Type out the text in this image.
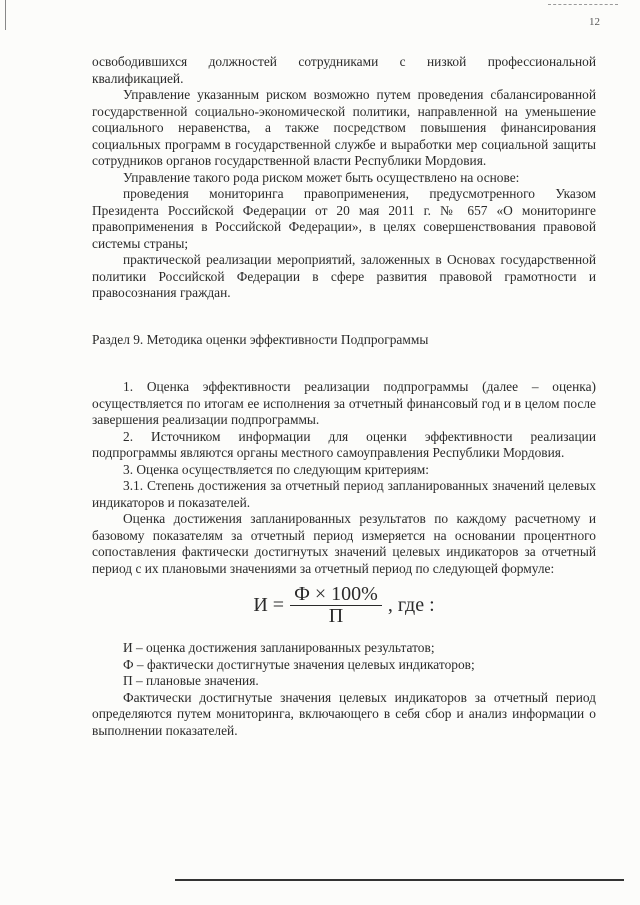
12

освободившихся должностей сотрудниками с низкой профессиональной квалификацией.

Управление указанным риском возможно путем проведения сбалансированной государственной социально-экономической политики, направленной на уменьшение социального неравенства, а также посредством повышения финансирования социальных программ в государственной службе и выработки мер социальной защиты сотрудников органов государственной власти Республики Мордовия.

Управление такого рода риском может быть осуществлено на основе:

проведения мониторинга правоприменения, предусмотренного Указом Президента Российской Федерации от 20 мая 2011 г. № 657 «О мониторинге правоприменения в Российской Федерации», в целях совершенствования правовой системы страны;

практической реализации мероприятий, заложенных в Основах государственной политики Российской Федерации в сфере развития правовой грамотности и правосознания граждан.

Раздел 9. Методика оценки эффективности Подпрограммы

1. Оценка эффективности реализации подпрограммы (далее – оценка) осуществляется по итогам ее исполнения за отчетный финансовый год и в целом после завершения реализации подпрограммы.

2. Источником информации для оценки эффективности реализации подпрограммы являются органы местного самоуправления Республики Мордовия.

3. Оценка осуществляется по следующим критериям:

3.1. Степень достижения за отчетный период запланированных значений целевых индикаторов и показателей.

Оценка достижения запланированных результатов по каждому расчетному и базовому показателям за отчетный период измеряется на основании процентного сопоставления фактически достигнутых значений целевых индикаторов за отчетный период с их плановыми значениями за отчетный период по следующей формуле:

$И = \frac{Ф \times 100\%}{П}$ , где :

И – оценка достижения запланированных результатов;

Ф – фактически достигнутые значения целевых индикаторов;

П – плановые значения.

Фактически достигнутые значения целевых индикаторов за отчетный период определяются путем мониторинга, включающего в себя сбор и анализ информации о выполнении показателей.
